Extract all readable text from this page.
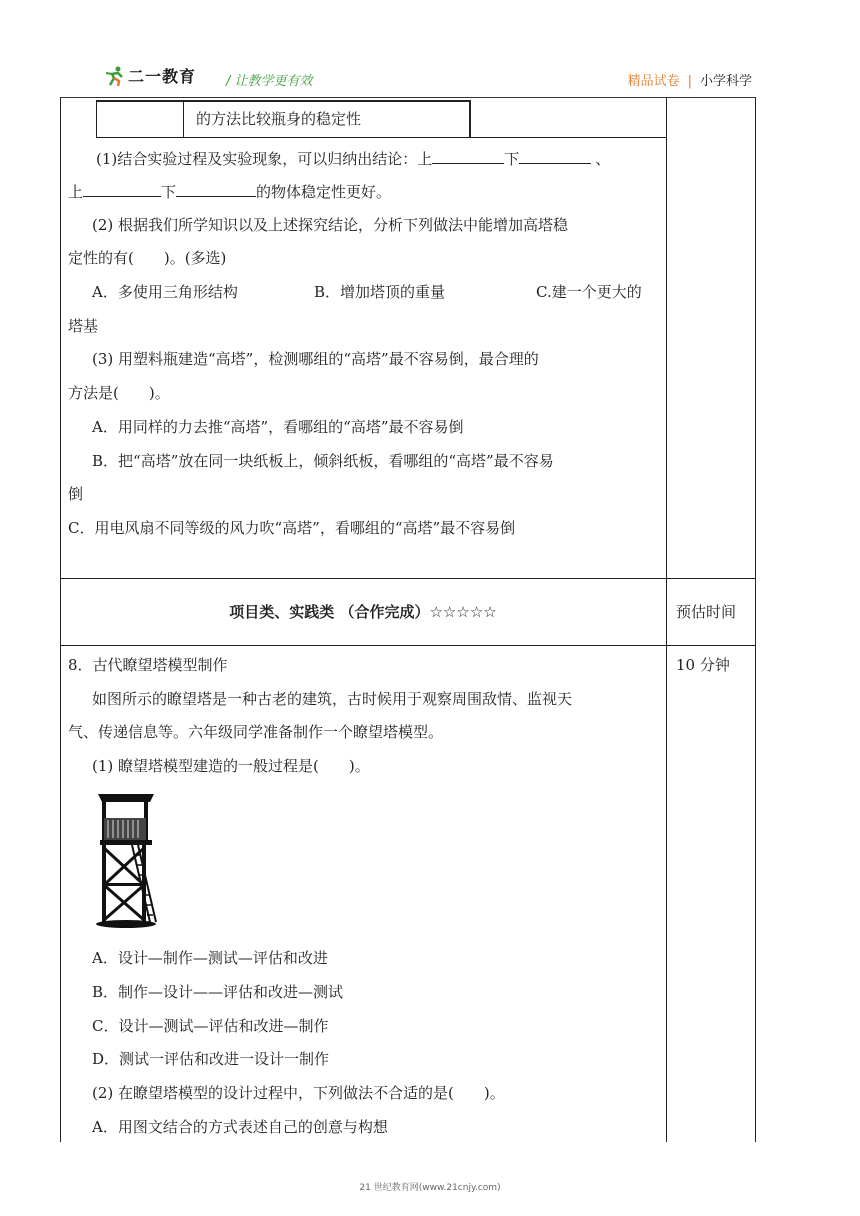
二一教育 / 让教学更有效	精品试卷 | 小学科学
的方法比较瓶身的稳定性
(1)结合实验过程及实验现象，可以归纳出结论：上	下	、
上	下	的物体稳定性更好。
(2) 根据我们所学知识以及上述探究结论，分析下列做法中能增加高塔稳
定性的有(　　)。(多选)
A．多使用三角形结构	B．增加塔顶的重量	C.建一个更大的
塔基
(3) 用塑料瓶建造“高塔”，检测哪组的“高塔”最不容易倒，最合理的
方法是(　　)。
A．用同样的力去推“高塔”，看哪组的“高塔”最不容易倒
B．把“高塔”放在同一块纸板上，倾斜纸板，看哪组的“高塔”最不容易
倒
C．用电风扇不同等级的风力吹“高塔”，看哪组的“高塔”最不容易倒
项目类、实践类 （合作完成）☆☆☆☆☆	预估时间
8．古代瞭望塔模型制作	10 分钟
如图所示的瞭望塔是一种古老的建筑，古时候用于观察周围敌情、监视天
气、传递信息等。六年级同学准备制作一个瞭望塔模型。
(1) 瞭望塔模型建造的一般过程是(　　)。
A．设计—制作—测试—评估和改进
B．制作—设计——评估和改进—测试
C．设计—测试—评估和改进—制作
D．测试一评估和改进一设计一制作
(2) 在瞭望塔模型的设计过程中，下列做法不合适的是(　　)。
A．用图文结合的方式表述自己的创意与构想
21 世纪教育网(www.21cnjy.com)
